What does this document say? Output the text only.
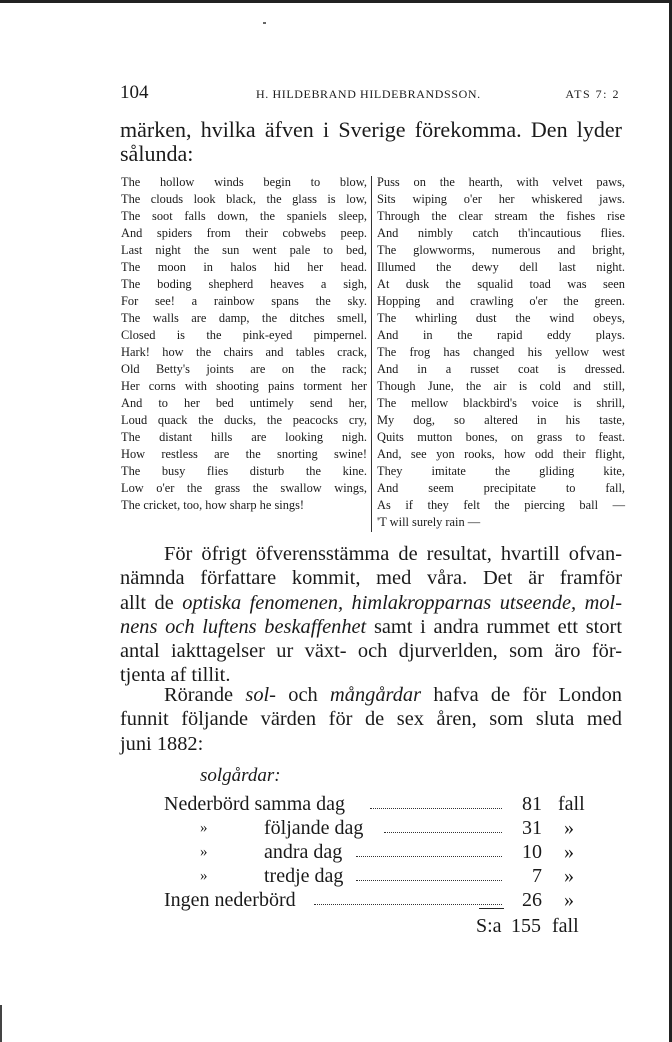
104	H. HILDEBRAND HILDEBRANDSSON.	ATS 7: 2
märken, hvilka äfven i Sverige förekomma. Den lyder
sålunda:
The hollow winds begin to blow,
The clouds look black, the glass is low,
The soot falls down, the spaniels sleep,
And spiders from their cobwebs peep.
Last night the sun went pale to bed,
The moon in halos hid her head.
The boding shepherd heaves a sigh,
For see! a rainbow spans the sky.
The walls are damp, the ditches smell,
Closed is the pink-eyed pimpernel.
Hark! how the chairs and tables crack,
Old Betty's joints are on the rack;
Her corns with shooting pains torment her
And to her bed untimely send her,
Loud quack the ducks, the peacocks cry,
The distant hills are looking nigh.
How restless are the snorting swine!
The busy flies disturb the kine.
Low o'er the grass the swallow wings,
The cricket, too, how sharp he sings!
Puss on the hearth, with velvet paws,
Sits wiping o'er her whiskered jaws.
Through the clear stream the fishes rise
And nimbly catch th'incautious flies.
The glowworms, numerous and bright,
Illumed the dewy dell last night.
At dusk the squalid toad was seen
Hopping and crawling o'er the green.
The whirling dust the wind obeys,
And in the rapid eddy plays.
The frog has changed his yellow west
And in a russet coat is dressed.
Though June, the air is cold and still,
The mellow blackbird's voice is shrill,
My dog, so altered in his taste,
Quits mutton bones, on grass to feast.
And, see yon rooks, how odd their flight,
They imitate the gliding kite,
And seem precipitate to fall,
As if they felt the piercing ball —
'T will surely rain —
För öfrigt öfverensstämma de resultat, hvartill ofvan-
nämnda författare kommit, med våra. Det är framför
allt de optiska fenomenen, himlakropparnas utseende, mol-
nens och luftens beskaffenhet samt i andra rummet ett stort
antal iakttagelser ur växt- och djurverlden, som äro för-
tjenta af tillit.
Rörande sol- och mångårdar hafva de för London
funnit följande värden för de sex åren, som sluta med
juni 1882:
solgårdar:
Nederbörd samma dag	81 fall
»	följande dag	31 »
»	andra dag	10 »
»	tredje dag	7 »
Ingen nederbörd	26 »
S:a 155 fall
